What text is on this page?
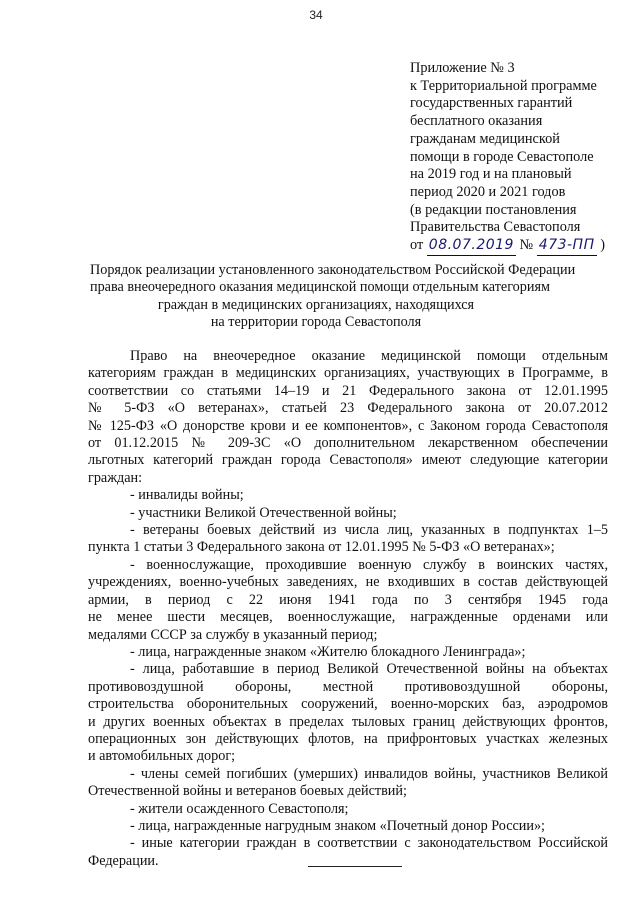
34
Приложение № 3
к Территориальной программе
государственных гарантий
бесплатного оказания
гражданам медицинской
помощи в городе Севастополе
на 2019 год и на плановый
период 2020 и 2021 годов
(в редакции постановления
Правительства Севастополя
от
08.07.2019
№
473-ПП
)
Порядок реализации установленного законодательством Российской Федерации
права внеочередного оказания медицинской помощи отдельным категориям
граждан в медицинских организациях, находящихся
на территории города Севастополя
Право на внеочередное оказание медицинской помощи отдельным
категориям граждан в медицинских организациях, участвующих в Программе, в
соответствии со статьями 14–19 и 21 Федерального закона от 12.01.1995
№ 5-ФЗ «О ветеранах», статьей 23 Федерального закона от 20.07.2012
№ 125-ФЗ «О донорстве крови и ее компонентов», с Законом города Севастополя
от 01.12.2015 № 209-ЗС «О дополнительном лекарственном обеспечении
льготных категорий граждан города Севастополя» имеют следующие категории
граждан:
- инвалиды войны;
- участники Великой Отечественной войны;
- ветераны боевых действий из числа лиц, указанных в подпунктах 1–5
пункта 1 статьи 3 Федерального закона от 12.01.1995 № 5-ФЗ «О ветеранах»;
- военнослужащие, проходившие военную службу в воинских частях,
учреждениях, военно-учебных заведениях, не входивших в состав действующей
армии, в период с 22 июня 1941 года по 3 сентября 1945 года
не менее шести месяцев, военнослужащие, награжденные орденами или
медалями СССР за службу в указанный период;
- лица, награжденные знаком «Жителю блокадного Ленинграда»;
- лица, работавшие в период Великой Отечественной войны на объектах
противовоздушной обороны, местной противовоздушной обороны,
строительства оборонительных сооружений, военно-морских баз, аэродромов
и других военных объектах в пределах тыловых границ действующих фронтов,
операционных зон действующих флотов, на прифронтовых участках железных
и автомобильных дорог;
- члены семей погибших (умерших) инвалидов войны, участников Великой
Отечественной войны и ветеранов боевых действий;
- жители осажденного Севастополя;
- лица, награжденные нагрудным знаком «Почетный донор России»;
- иные категории граждан в соответствии с законодательством Российской
Федерации.
